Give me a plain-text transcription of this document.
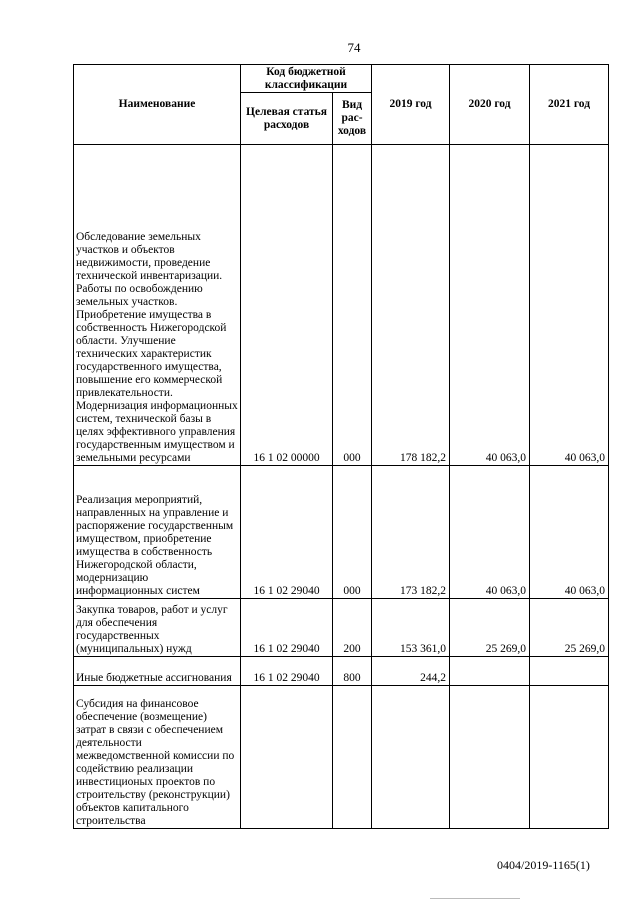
74
Наименование	Код бюджетной классификации		2019 год	2020 год	2021 год
	Целевая статья расходов	Вид рас-ходов			
Обследование земельных участков и объектов недвижимости, проведение технической инвентаризации. Работы по освобождению земельных участков. Приобретение имущества в собственность Нижегородской области. Улучшение технических характеристик государственного имущества, повышение его коммерческой привлекательности. Модернизация информационных систем, технической базы в целях эффективного управления государственным имуществом и земельными ресурсами	16 1 02 00000	000	178 182,2	40 063,0	40 063,0
Реализация мероприятий, направленных на управление и распоряжение государственным имуществом, приобретение имущества в собственность Нижегородской области, модернизацию информационных систем	16 1 02 29040	000	173 182,2	40 063,0	40 063,0
Закупка товаров, работ и услуг для обеспечения государственных (муниципальных) нужд	16 1 02 29040	200	153 361,0	25 269,0	25 269,0
Иные бюджетные ассигнования	16 1 02 29040	800	244,2		
Субсидия на финансовое обеспечение (возмещение) затрат в связи с обеспечением деятельности межведомственной комиссии по содействию реализации инвестиционых проектов по строительству (реконструкции) объектов капитального строительства					
0404/2019-1165(1)
